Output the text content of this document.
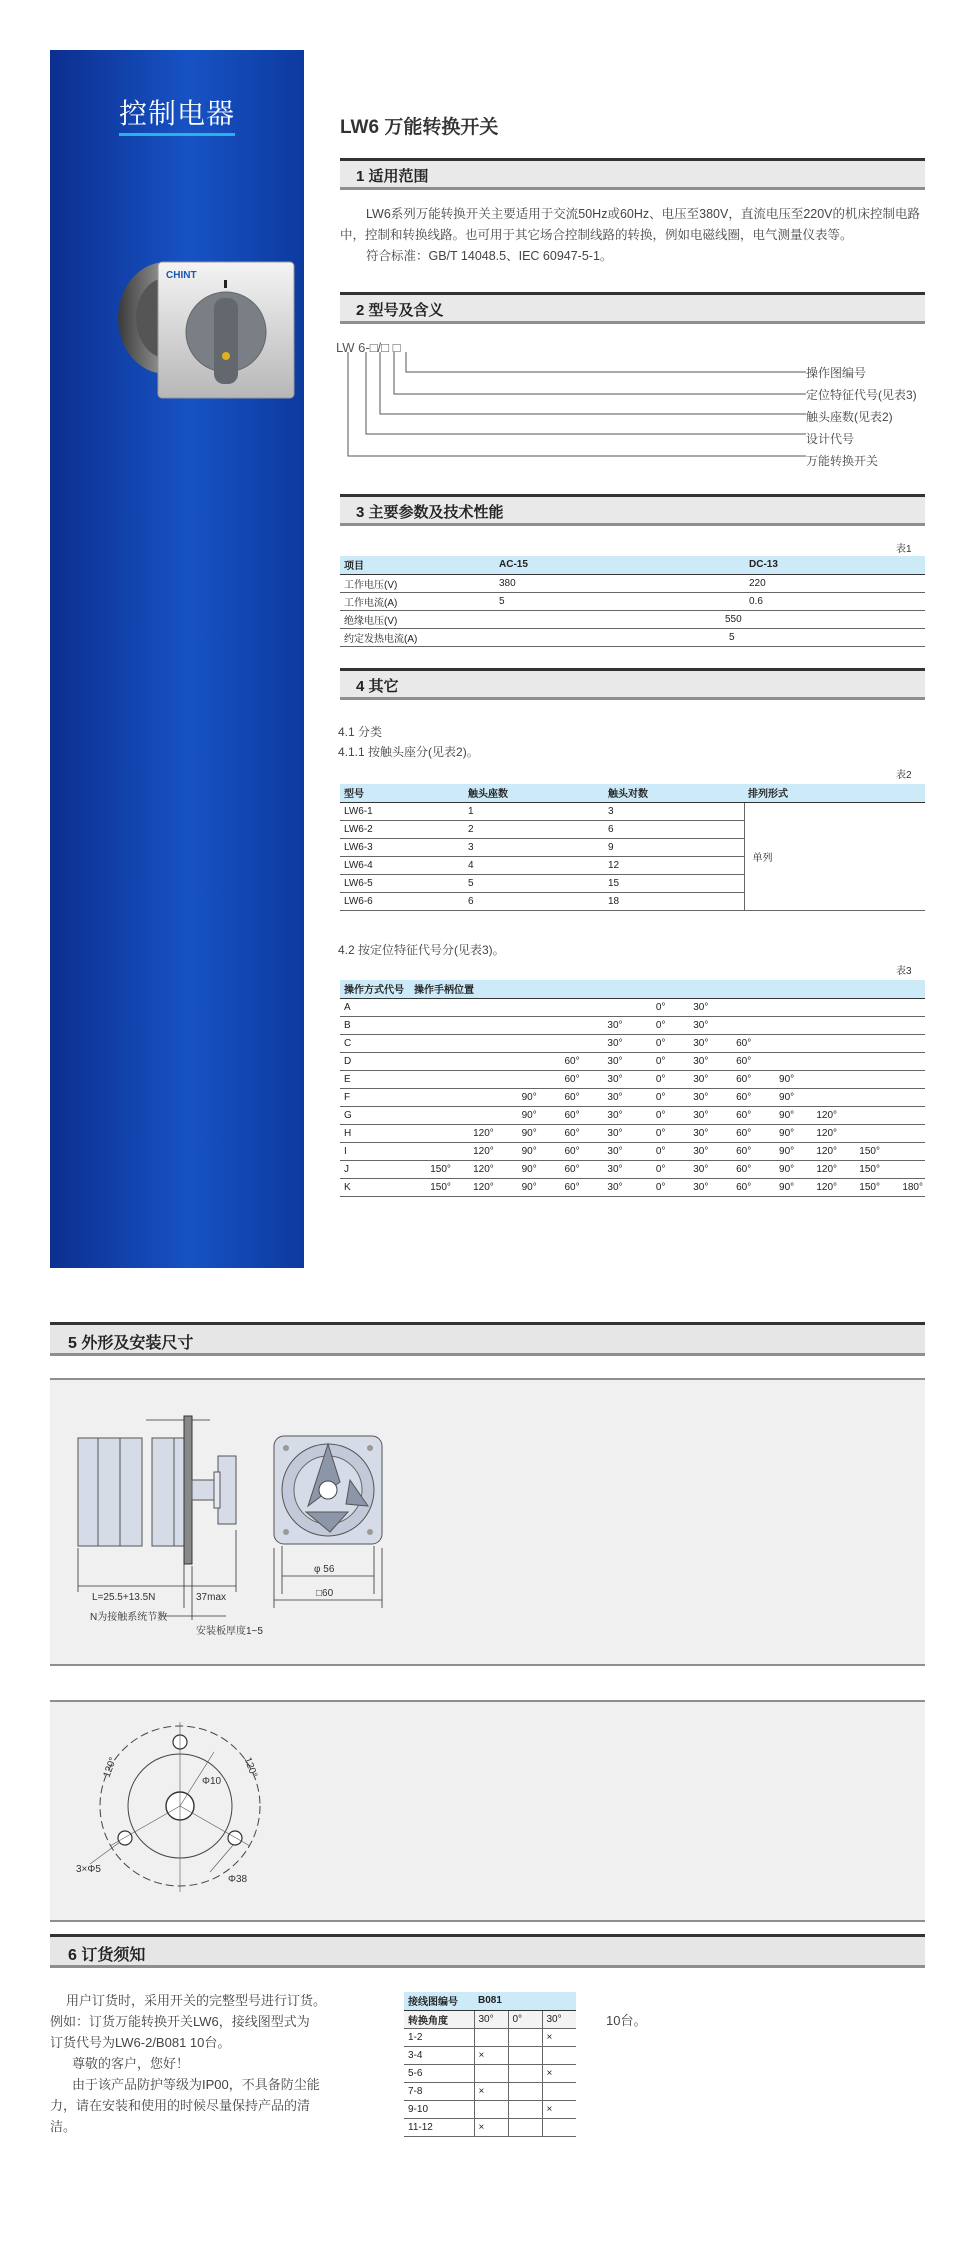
控制电器
CHINT
LW6 万能转换开关
1 适用范围
LW6系列万能转换开关主要适用于交流50Hz或60Hz、电压至380V，直流电压至220V的机床控制电路中，控制和转换线路。也可用于其它场合控制线路的转换，例如电磁线圈，电气测量仪表等。
符合标准：GB/T 14048.5、IEC 60947-5-1。
2 型号及含义
LW 6-□/□ □
操作图编号
定位特征代号(见表3)
触头座数(见表2)
设计代号
万能转换开关
3 主要参数及技术性能
表1
项目	AC-15	DC-13
工作电压(V)	380	220
工作电流(A)	5	0.6
绝缘电压(V)	550	
约定发热电流(A)	5	
4 其它
4.1 分类
4.1.1 按触头座分(见表2)。
表2
型号	触头座数	触头对数	排列形式
LW6-1	1	3	单列
LW6-2	2	6	
LW6-3	3	9	
LW6-4	4	12	
LW6-5	5	15	
LW6-6	6	18	
4.2 按定位特征代号分(见表3)。
表3
操作方式代号	操作手柄位置											
A						0°	30°					
B					30°	0°	30°					
C					30°	0°	30°	60°				
D				60°	30°	0°	30°	60°				
E				60°	30°	0°	30°	60°	90°			
F			90°	60°	30°	0°	30°	60°	90°			
G			90°	60°	30°	0°	30°	60°	90°	120°		
H		120°	90°	60°	30°	0°	30°	60°	90°	120°		
I		120°	90°	60°	30°	0°	30°	60°	90°	120°	150°	
J	150°	120°	90°	60°	30°	0°	30°	60°	90°	120°	150°	
K	150°	120°	90°	60°	30°	0°	30°	60°	90°	120°	150°	180°
5 外形及安装尺寸
L=25.5+13.5N
N为接触系统节数
37max
安装板厚度1~5
φ 56
□60
120°	120°
Φ10
3×Φ5
Φ38
6 订货须知
用户订货时，采用开关的完整型号进行订货。
例如：订货万能转换开关LW6，接线图型式为
订货代号为LW6-2/B081 10台。
尊敬的客户，您好！
由于该产品防护等级为IP00，不具备防尘能
力，请在安装和使用的时候尽量保持产品的清
洁。
接线图编号	B081		
转换角度	30°	0°	30°
1-2			×
3-4	×		
5-6			×
7-8	×		
9-10			×
11-12	×		
10台。
